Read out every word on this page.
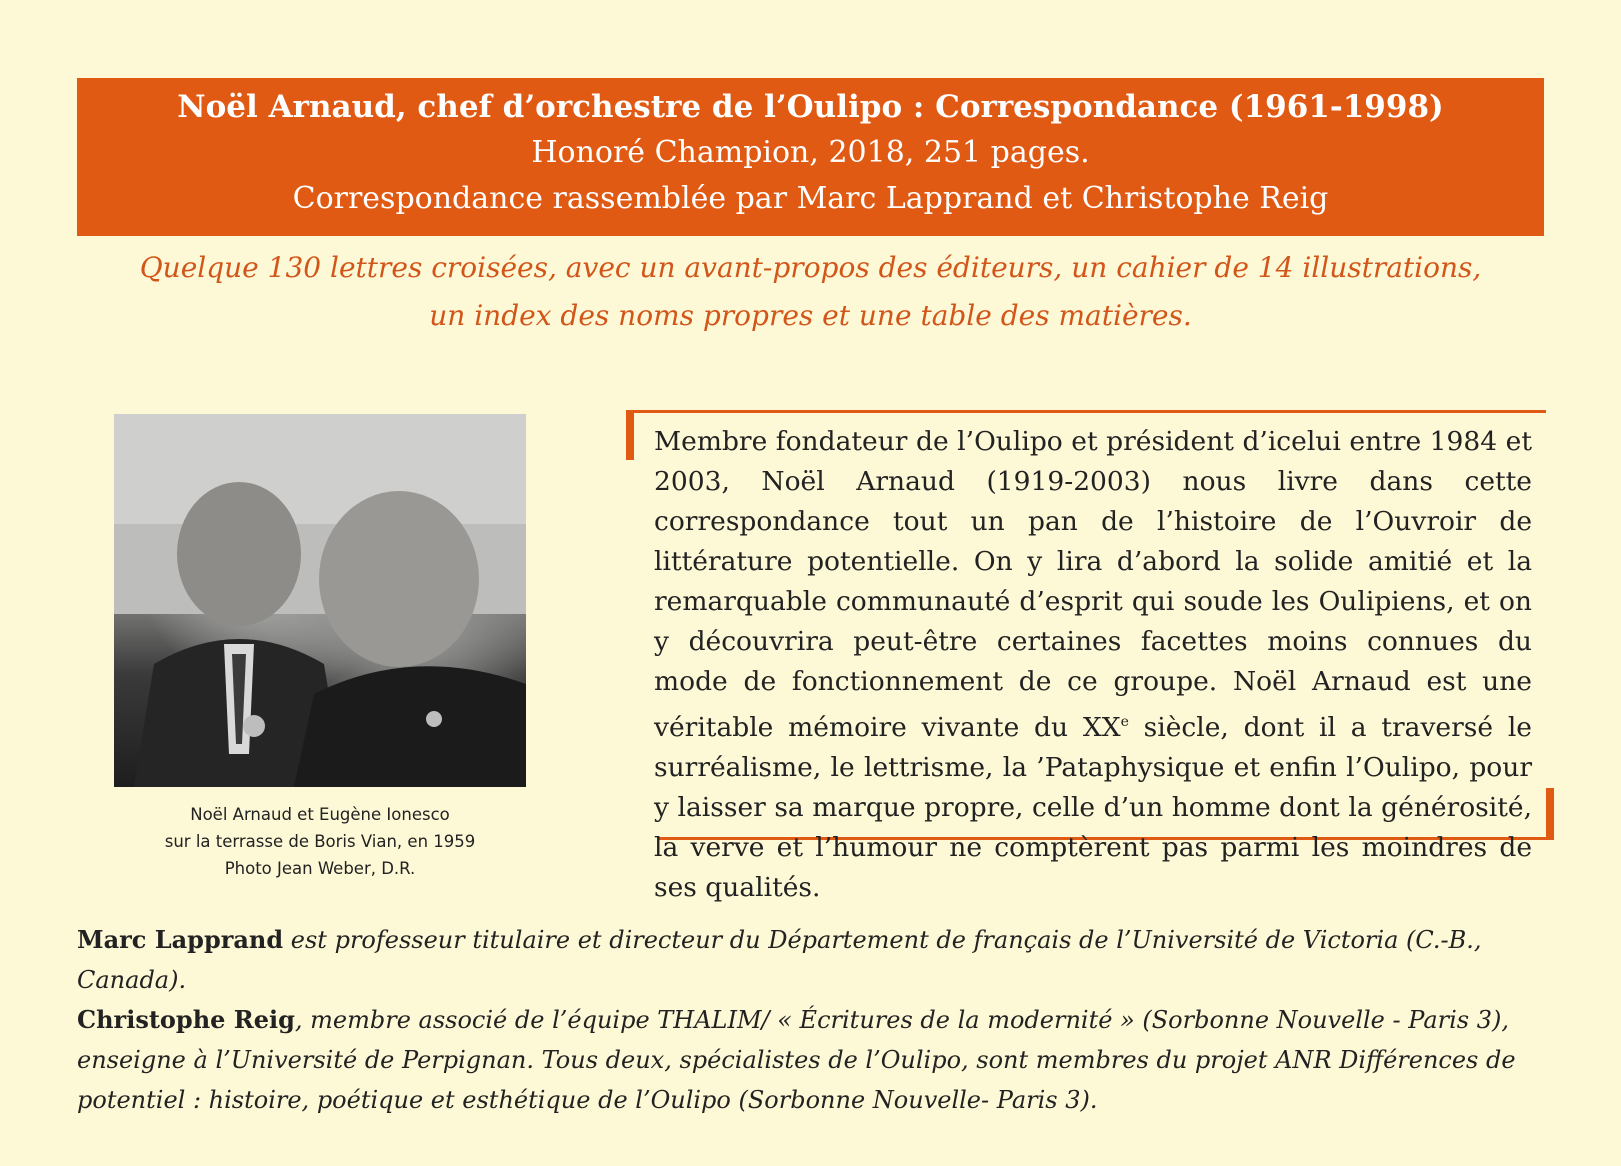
Noël Arnaud, chef d’orchestre de l’Oulipo : Correspondance (1961-1998)
Honoré Champion, 2018, 251 pages.
Correspondance rassemblée par Marc Lapprand et Christophe Reig
Quelque 130 lettres croisées, avec un avant-propos des éditeurs, un cahier de 14 illustrations,
un index des noms propres et une table des matières.
Noël Arnaud et Eugène Ionesco
sur la terrasse de Boris Vian, en 1959
Photo Jean Weber, D.R.
Membre fondateur de l’Oulipo et président d’icelui entre 1984 et 2003, Noël Arnaud (1919-2003) nous livre dans cette correspondance tout un pan de l’histoire de l’Ouvroir de littérature potentielle. On y lira d’abord la solide amitié et la remarquable communauté d’esprit qui soude les Oulipiens, et on y découvrira peut-être certaines facettes moins connues du mode de fonctionnement de ce groupe. Noël Arnaud est une véritable mémoire vivante du XXe siècle, dont il a traversé le surréalisme, le lettrisme, la ’Pataphysique et enfin l’Oulipo, pour y laisser sa marque propre, celle d’un homme dont la générosité, la verve et l’humour ne comptèrent pas parmi les moindres de ses qualités.
Marc Lapprand est professeur titulaire et directeur du Département de français de l’Université de Victoria (C.-B., Canada).
Christophe Reig, membre associé de l’équipe THALIM/ « Écritures de la modernité » (Sorbonne Nouvelle - Paris 3), enseigne à l’Université de Perpignan. Tous deux, spécialistes de l’Oulipo, sont membres du projet ANR Différences de potentiel : histoire, poétique et esthétique de l’Oulipo (Sorbonne Nouvelle- Paris 3).
